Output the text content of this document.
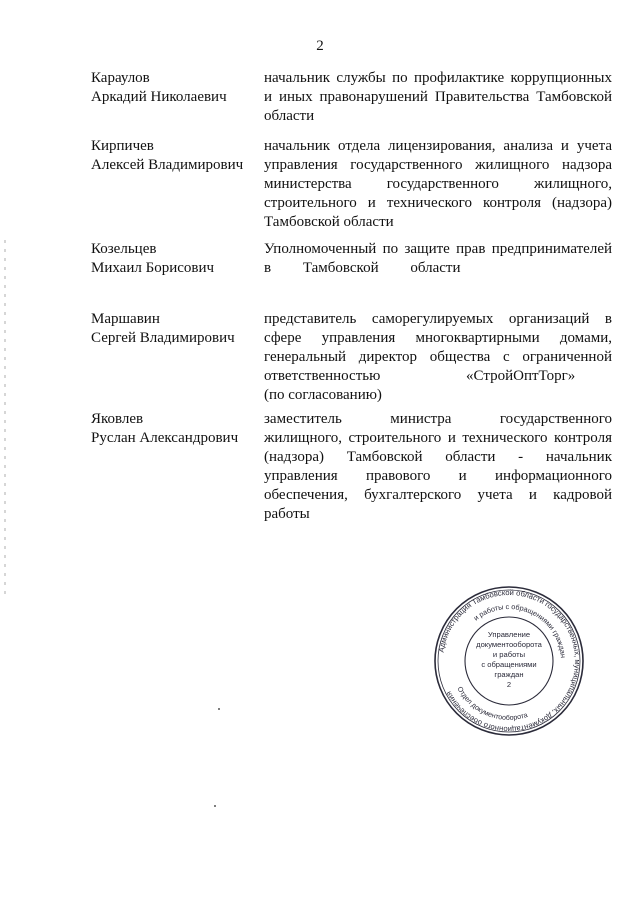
2
Караулов
Аркадий Николаевич
начальник службы по профилактике коррупционных
и иных правонарушений Правительства Тамбовской
области
Кирпичев
Алексей Владимирович
начальник отдела лицензирования, анализа и учета
управления государственного жилищного надзора
министерства государственного жилищного,
строительного и технического контроля (надзора)
Тамбовской области
Козельцев
Михаил Борисович
Уполномоченный по защите прав предпринимателей
в Тамбовской области
Маршавин
Сергей Владимирович
представитель саморегулируемых организаций в
сфере управления многоквартирными домами,
генеральный директор общества с ограниченной
ответственностью «СтройОптТорг»
(по согласованию)
Яковлев
Руслан Александрович
заместитель министра государственного
жилищного, строительного и технического контроля
(надзора) Тамбовской области - начальник
управления правового и информационного
обеспечения, бухгалтерского учета и кадровой
работы
Администрация Тамбовской области государственных, муниципальных, документационного обеспечения
и работы с обращениями граждан
Отдел документооборота
Управление
документооборота
и работы
с обращениями
граждан
2
